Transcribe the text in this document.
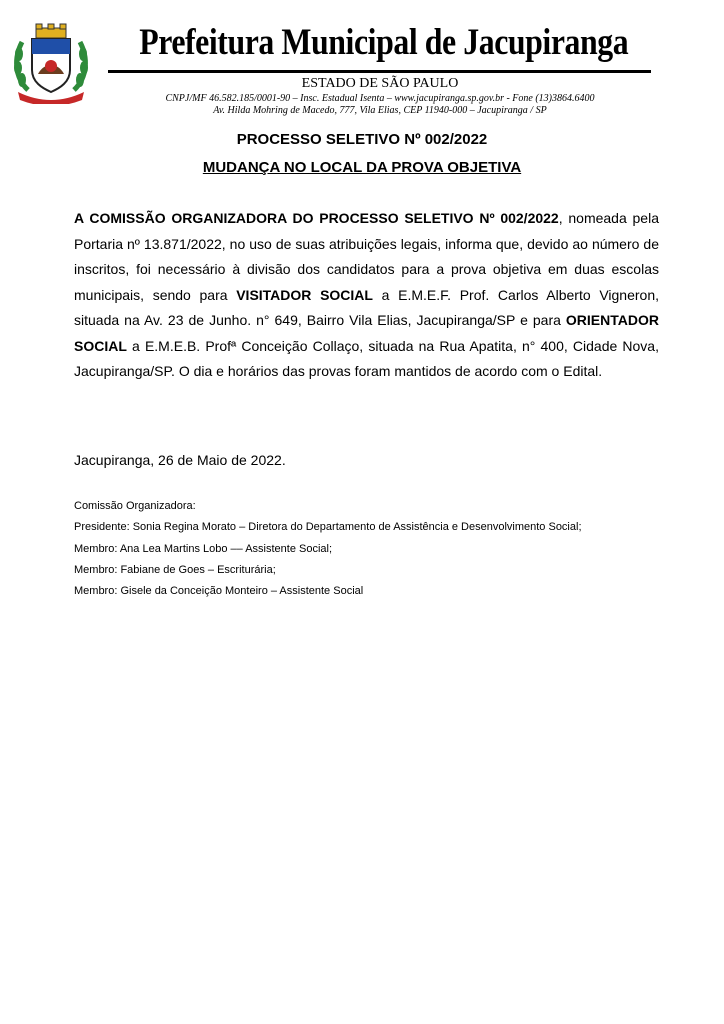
Prefeitura Municipal de Jacupiranga
ESTADO DE SÃO PAULO
CNPJ/MF 46.582.185/0001-90 – Insc. Estadual Isenta – www.jacupiranga.sp.gov.br - Fone (13)3864.6400
Av. Hilda Mohring de Macedo, 777, Vila Elias, CEP 11940-000 – Jacupiranga / SP
PROCESSO SELETIVO Nº 002/2022
MUDANÇA NO LOCAL DA PROVA OBJETIVA

A COMISSÃO ORGANIZADORA DO PROCESSO SELETIVO Nº 002/2022, nomeada pela Portaria nº 13.871/2022, no uso de suas atribuições legais, informa que, devido ao número de inscritos, foi necessário à divisão dos candidatos para a prova objetiva em duas escolas municipais, sendo para VISITADOR SOCIAL a E.M.E.F. Prof. Carlos Alberto Vigneron, situada na Av. 23 de Junho. n° 649, Bairro Vila Elias, Jacupiranga/SP e para ORIENTADOR SOCIAL a E.M.E.B. Profª Conceição Collaço, situada na Rua Apatita, n° 400, Cidade Nova, Jacupiranga/SP. O dia e horários das provas foram mantidos de acordo com o Edital.

Jacupiranga, 26 de Maio de 2022.
Comissão Organizadora:
Presidente: Sonia Regina Morato – Diretora do Departamento de Assistência e Desenvolvimento Social;
Membro: Ana Lea Martins Lobo –– Assistente Social;
Membro: Fabiane de Goes – Escriturária;
Membro: Gisele da Conceição Monteiro – Assistente Social
